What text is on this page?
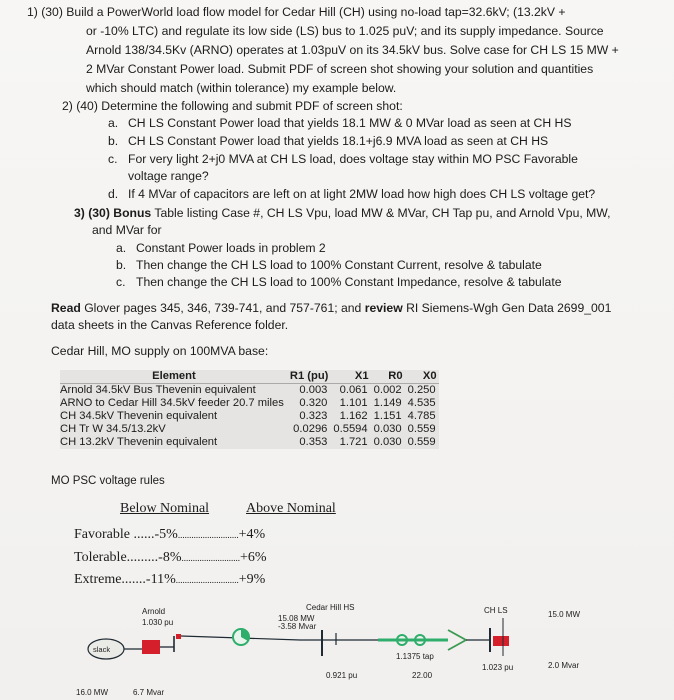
1) (30) Build a PowerWorld load flow model for Cedar Hill (CH) using no-load tap=32.6kV; (13.2kV +
or -10% LTC) and regulate its low side (LS) bus to 1.025 puV; and its supply impedance. Source
Arnold 138/34.5Kv (ARNO) operates at 1.03puV on its 34.5kV bus. Solve case for CH LS 15 MW +
2 MVar Constant Power load. Submit PDF of screen shot showing your solution and quantities
which should match (within tolerance) my example below.
2) (40) Determine the following and submit PDF of screen shot:
a. CH LS Constant Power load that yields 18.1 MW & 0 MVar load as seen at CH HS
b. CH LS Constant Power load that yields 18.1+j6.9 MVA load as seen at CH HS
c. For very light 2+j0 MVA at CH LS load, does voltage stay within MO PSC Favorable
voltage range?
d. If 4 MVar of capacitors are left on at light 2MW load how high does CH LS voltage get?
3) (30) Bonus Table listing Case #, CH LS Vpu, load MW & MVar, CH Tap pu, and Arnold Vpu, MW,
and MVar for
a. Constant Power loads in problem 2
b. Then change the CH LS load to 100% Constant Current, resolve & tabulate
c. Then change the CH LS load to 100% Constant Impedance, resolve & tabulate
Read Glover pages 345, 346, 739-741, and 757-761; and review RI Siemens-Wgh Gen Data 2699_001
data sheets in the Canvas Reference folder.
Cedar Hill, MO supply on 100MVA base:
Element	R1 (pu)	X1	R0	X0
Arnold 34.5kV Bus Thevenin equivalent	0.003	0.061	0.002	0.250
ARNO to Cedar Hill 34.5kV feeder 20.7 miles	0.320	1.101	1.149	4.535
CH 34.5kV Thevenin equivalent	0.323	1.162	1.151	4.785
CH Tr W 34.5/13.2kV	0.0296	0.5594	0.030	0.559
CH 13.2kV Thevenin equivalent	0.353	1.721	0.030	0.559
MO PSC voltage rules
Below Nominal	Above Nominal
Favorable ......-5%...........................+4%
Tolerable.........-8%..........................+6%
Extreme.......-11%............................+9%
Arnold
1.030 pu
slack
16.0 MW	6.7 Mvar
Cedar Hill HS
15.08 MW
-3.58 Mvar
0.921 pu
1.1375 tap
22.00
CH LS
1.023 pu
15.0 MW
2.0 Mvar
